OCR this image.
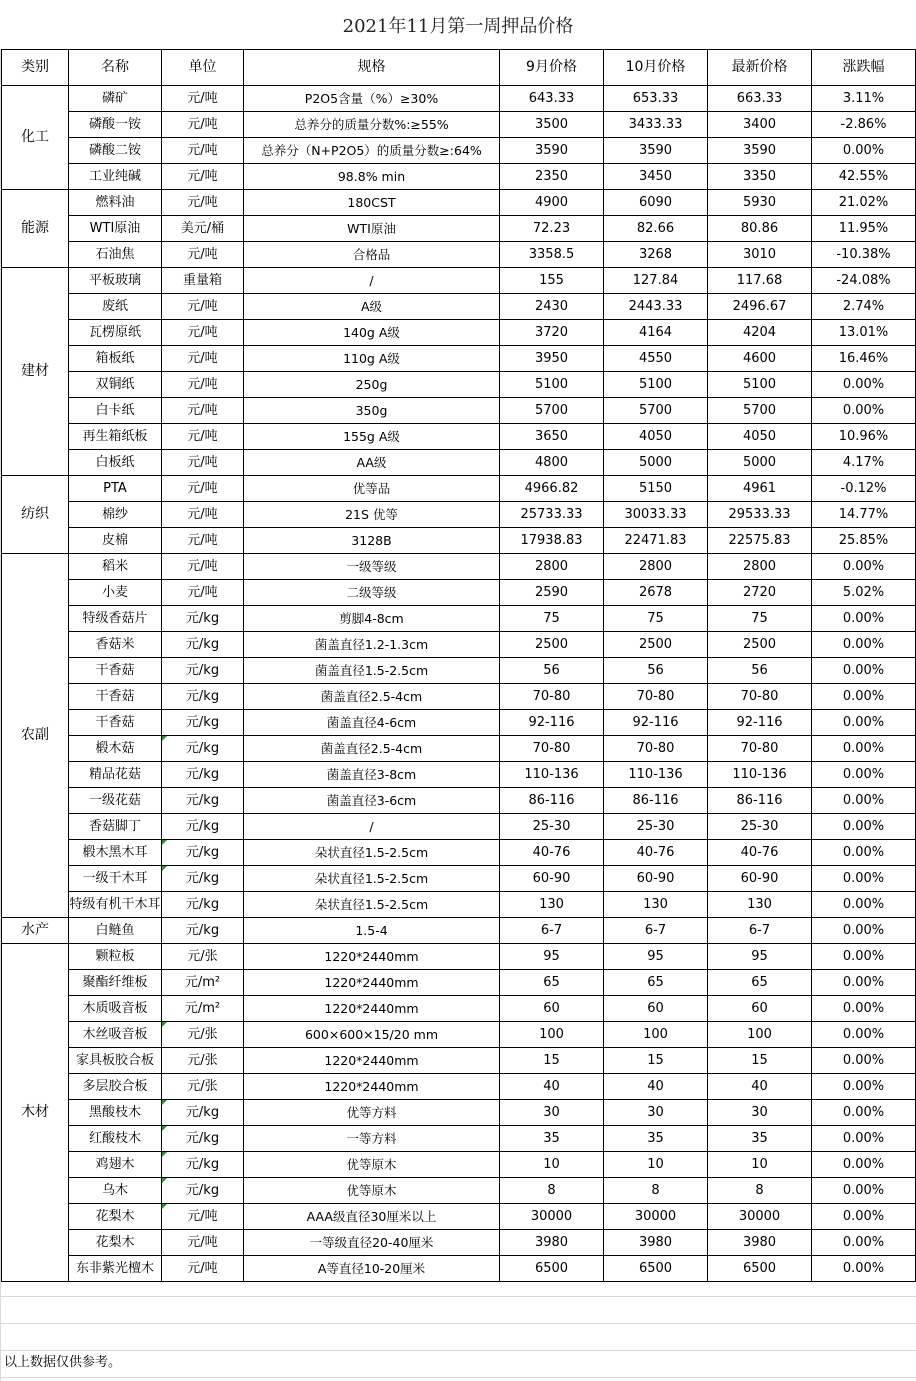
2021年11月第一周押品价格
类别	名称	单位	规格	9月价格	10月价格	最新价格	涨跌幅
化工	磷矿	元/吨	P2O5含量（%）≥30%	643.33	653.33	663.33	3.11%
	磷酸一铵	元/吨	总养分的质量分数%:≥55%	3500	3433.33	3400	-2.86%
	磷酸二铵	元/吨	总养分（N+P2O5）的质量分数≥:64%	3590	3590	3590	0.00%
	工业纯碱	元/吨	98.8% min	2350	3450	3350	42.55%
能源	燃料油	元/吨	180CST	4900	6090	5930	21.02%
	WTI原油	美元/桶	WTI原油	72.23	82.66	80.86	11.95%
	石油焦	元/吨	合格品	3358.5	3268	3010	-10.38%
建材	平板玻璃	重量箱	/	155	127.84	117.68	-24.08%
	废纸	元/吨	A级	2430	2443.33	2496.67	2.74%
	瓦楞原纸	元/吨	140g A级	3720	4164	4204	13.01%
	箱板纸	元/吨	110g A级	3950	4550	4600	16.46%
	双铜纸	元/吨	250g	5100	5100	5100	0.00%
	白卡纸	元/吨	350g	5700	5700	5700	0.00%
	再生箱纸板	元/吨	155g A级	3650	4050	4050	10.96%
	白板纸	元/吨	AA级	4800	5000	5000	4.17%
纺织	PTA	元/吨	优等品	4966.82	5150	4961	-0.12%
	棉纱	元/吨	21S 优等	25733.33	30033.33	29533.33	14.77%
	皮棉	元/吨	3128B	17938.83	22471.83	22575.83	25.85%
农副	稻米	元/吨	一级等级	2800	2800	2800	0.00%
	小麦	元/吨	二级等级	2590	2678	2720	5.02%
	特级香菇片	元/kg	剪脚4-8cm	75	75	75	0.00%
	香菇米	元/kg	菌盖直径1.2-1.3cm	2500	2500	2500	0.00%
	干香菇	元/kg	菌盖直径1.5-2.5cm	56	56	56	0.00%
	干香菇	元/kg	菌盖直径2.5-4cm	70-80	70-80	70-80	0.00%
	干香菇	元/kg	菌盖直径4-6cm	92-116	92-116	92-116	0.00%
	椴木菇	元/kg	菌盖直径2.5-4cm	70-80	70-80	70-80	0.00%
	精品花菇	元/kg	菌盖直径3-8cm	110-136	110-136	110-136	0.00%
	一级花菇	元/kg	菌盖直径3-6cm	86-116	86-116	86-116	0.00%
	香菇脚丁	元/kg	/	25-30	25-30	25-30	0.00%
	椴木黑木耳	元/kg	朵状直径1.5-2.5cm	40-76	40-76	40-76	0.00%
	一级干木耳	元/kg	朵状直径1.5-2.5cm	60-90	60-90	60-90	0.00%
	特级有机干木耳	元/kg	朵状直径1.5-2.5cm	130	130	130	0.00%
水产	白鲢鱼	元/kg	1.5-4	6-7	6-7	6-7	0.00%
木材	颗粒板	元/张	1220*2440mm	95	95	95	0.00%
	聚酯纤维板	元/m²	1220*2440mm	65	65	65	0.00%
	木质吸音板	元/m²	1220*2440mm	60	60	60	0.00%
	木丝吸音板	元/张	600×600×15/20 mm	100	100	100	0.00%
	家具板胶合板	元/张	1220*2440mm	15	15	15	0.00%
	多层胶合板	元/张	1220*2440mm	40	40	40	0.00%
	黑酸枝木	元/kg	优等方料	30	30	30	0.00%
	红酸枝木	元/kg	一等方料	35	35	35	0.00%
	鸡翅木	元/kg	优等原木	10	10	10	0.00%
	乌木	元/kg	优等原木	8	8	8	0.00%
	花梨木	元/吨	AAA级直径30厘米以上	30000	30000	30000	0.00%
	花梨木	元/吨	一等级直径20-40厘米	3980	3980	3980	0.00%
	东非紫光檀木	元/吨	A等直径10-20厘米	6500	6500	6500	0.00%
以上数据仅供参考。
